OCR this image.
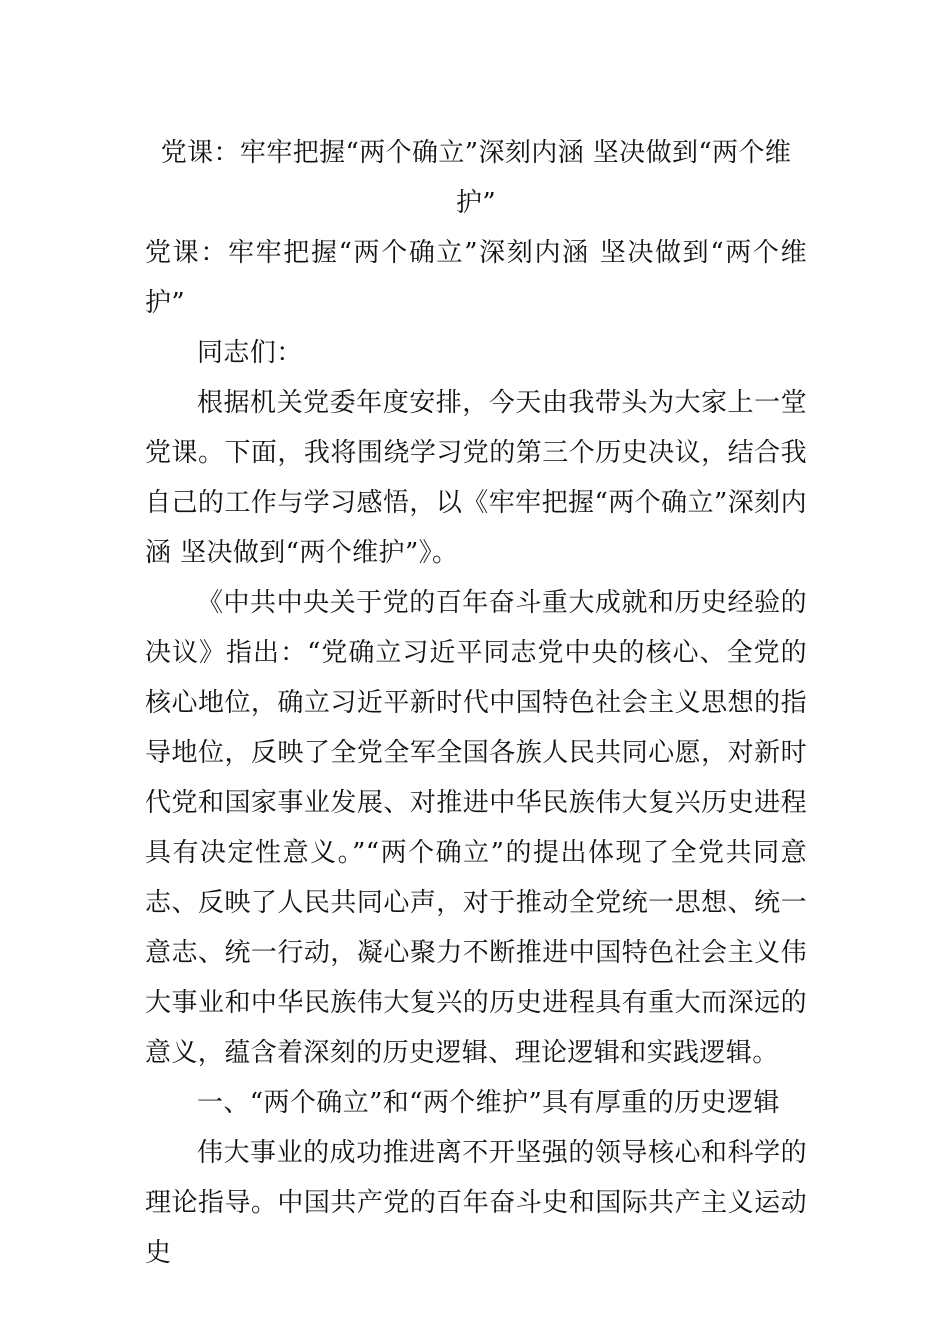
党课：牢牢把握“两个确立”深刻内涵 坚决做到“两个维护”

党课：牢牢把握“两个确立”深刻内涵 坚决做到“两个维护”

同志们：

根据机关党委年度安排，今天由我带头为大家上一堂党课。下面，我将围绕学习党的第三个历史决议，结合我自己的工作与学习感悟，以《牢牢把握“两个确立”深刻内涵 坚决做到“两个维护”》。

《中共中央关于党的百年奋斗重大成就和历史经验的决议》指出：“党确立习近平同志党中央的核心、全党的核心地位，确立习近平新时代中国特色社会主义思想的指导地位，反映了全党全军全国各族人民共同心愿，对新时代党和国家事业发展、对推进中华民族伟大复兴历史进程具有决定性意义。”“两个确立”的提出体现了全党共同意志、反映了人民共同心声，对于推动全党统一思想、统一意志、统一行动，凝心聚力不断推进中国特色社会主义伟大事业和中华民族伟大复兴的历史进程具有重大而深远的意义，蕴含着深刻的历史逻辑、理论逻辑和实践逻辑。

一、“两个确立”和“两个维护”具有厚重的历史逻辑

伟大事业的成功推进离不开坚强的领导核心和科学的理论指导。中国共产党的百年奋斗史和国际共产主义运动史
